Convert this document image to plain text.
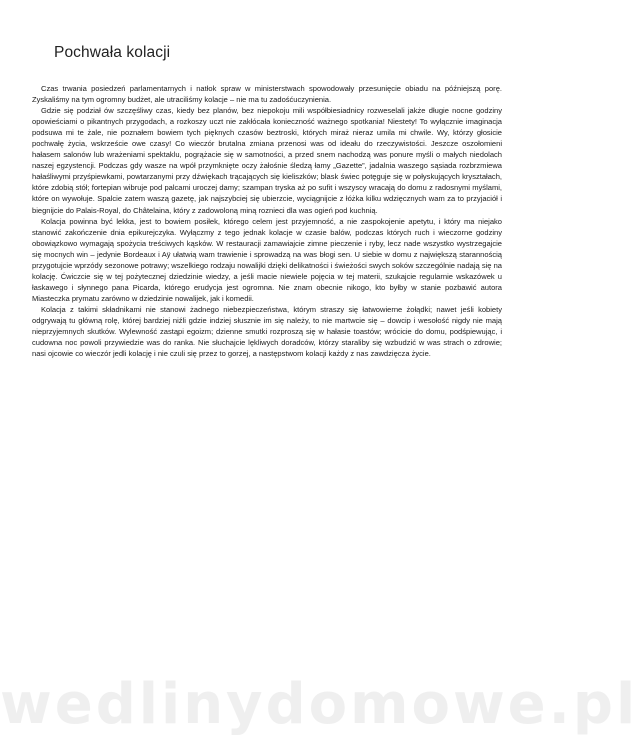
Pochwała kolacji

Czas trwania posiedzeń parlamentarnych i natłok spraw w ministerstwach spowodowały przesunięcie obiadu na późniejszą porę. Zyskaliśmy na tym ogromny budżet, ale utraciliśmy kolacje – nie ma tu zadośćuczynienia.

Gdzie się podział ów szczęśliwy czas, kiedy bez planów, bez niepokoju mili współbiesiadnicy rozweselali jakże długie nocne godziny opowieściami o pikantnych przygodach, a rozkoszy uczt nie zakłócała konieczność ważnego spotkania! Niestety! To wyłącznie imaginacja podsuwa mi te żale, nie poznałem bowiem tych pięknych czasów beztroski, których miraż nieraz umila mi chwile. Wy, którzy głosicie pochwałę życia, wskrzeście owe czasy! Co wieczór brutalna zmiana przenosi was od ideału do rzeczywistości. Jeszcze oszołomieni hałasem salonów lub wrażeniami spektaklu, pogrążacie się w samotności, a przed snem nachodzą was ponure myśli o małych niedolach naszej egzystencji. Podczas gdy wasze na wpół przymknięte oczy żałośnie śledzą łamy „Gazette”, jadalnia waszego sąsiada rozbrzmiewa hałaśliwymi przyśpiewkami, powtarzanymi przy dźwiękach trącających się kieliszków; blask świec potęguje się w połyskujących kryształach, które zdobią stół; fortepian wibruje pod palcami uroczej damy; szampan tryska aż po sufit i wszyscy wracają do domu z radosnymi myślami, które on wywołuje. Spalcie zatem waszą gazetę, jak najszybciej się ubierzcie, wyciągnijcie z łóżka kilku wdzięcznych wam za to przyjaciół i biegnijcie do Palais-Royal, do Châtelaina, który z zadowoloną miną roznieci dla was ogień pod kuchnią.

Kolacja powinna być lekka, jest to bowiem posiłek, którego celem jest przyjemność, a nie zaspokojenie apetytu, i który ma niejako stanowić zakończenie dnia epikurejczyka. Wyłączmy z tego jednak kolacje w czasie balów, podczas których ruch i wieczorne godziny obowiązkowo wymagają spożycia treściwych kąsków. W restauracji zamawiajcie zimne pieczenie i ryby, lecz nade wszystko wystrzegajcie się mocnych win – jedynie Bordeaux i Aÿ ułatwią wam trawienie i sprowadzą na was błogi sen. U siebie w domu z największą starannością przygotujcie wprzódy sezonowe potrawy; wszelkiego rodzaju nowalijki dzięki delikatności i świeżości swych soków szczególnie nadają się na kolację. Ćwiczcie się w tej pożytecznej dziedzinie wiedzy, a jeśli macie niewiele pojęcia w tej materii, szukajcie regularnie wskazówek u łaskawego i słynnego pana Picarda, którego erudycja jest ogromna. Nie znam obecnie nikogo, kto byłby w stanie pozbawić autora Miasteczka prymatu zarówno w dziedzinie nowalijek, jak i komedii.

Kolacja z takimi składnikami nie stanowi żadnego niebezpieczeństwa, którym straszy się łatwowierne żołądki; nawet jeśli kobiety odgrywają tu główną rolę, której bardziej niźli gdzie indziej słusznie im się należy, to nie martwcie się – dowcip i wesołość nigdy nie mają nieprzyjemnych skutków. Wylewność zastąpi egoizm; dzienne smutki rozproszą się w hałasie toastów; wrócicie do domu, podśpiewując, i cudowna noc powoli przywiedzie was do ranka. Nie słuchajcie lękliwych doradców, którzy staraliby się wzbudzić w was strach o zdrowie; nasi ojcowie co wieczór jedli kolację i nie czuli się przez to gorzej, a następstwom kolacji każdy z nas zawdzięcza życie.

wedlinydomowe.pl
